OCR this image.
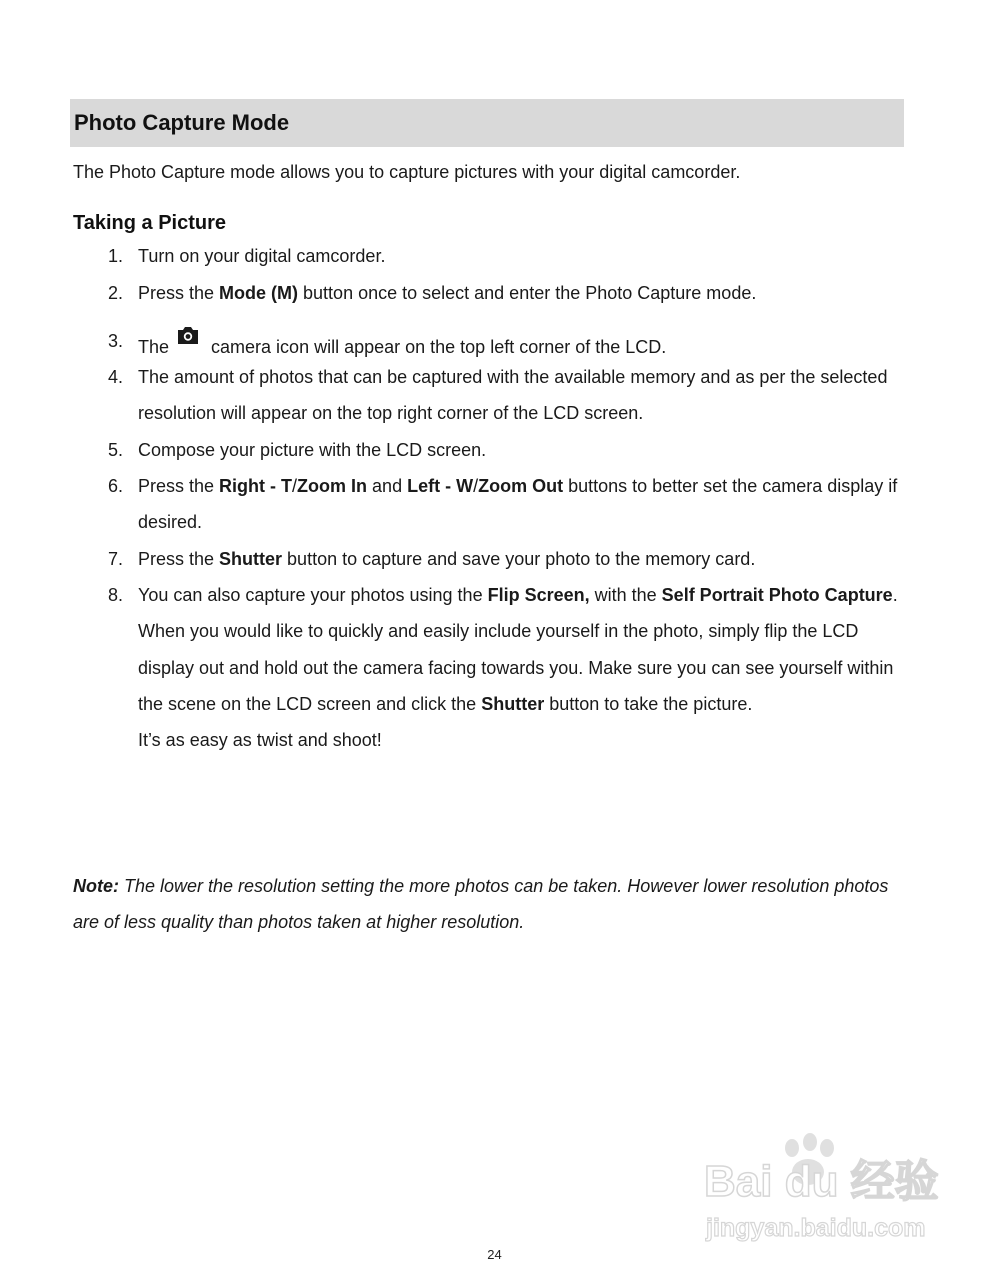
Photo Capture Mode

The Photo Capture mode allows you to capture pictures with your digital camcorder.

Taking a Picture
1. Turn on your digital camcorder.
2. Press the Mode (M) button once to select and enter the Photo Capture mode.
3. The  camera icon will appear on the top left corner of the LCD.
4. The amount of photos that can be captured with the available memory and as per the selected resolution will appear on the top right corner of the LCD screen.
5. Compose your picture with the LCD screen.
6. Press the Right - T/Zoom In and Left - W/Zoom Out buttons to better set the camera display if desired.
7. Press the Shutter button to capture and save your photo to the memory card.
8. You can also capture your photos using the Flip Screen, with the Self Portrait Photo Capture.
When you would like to quickly and easily include yourself in the photo, simply flip the LCD display out and hold out the camera facing towards you. Make sure you can see yourself within the scene on the LCD screen and click the Shutter button to take the picture.
It’s as easy as twist and shoot!
Note: The lower the resolution setting the more photos can be taken. However lower resolution photos are of less quality than photos taken at higher resolution.
Bai du 经验
jingyan.baidu.com
24
